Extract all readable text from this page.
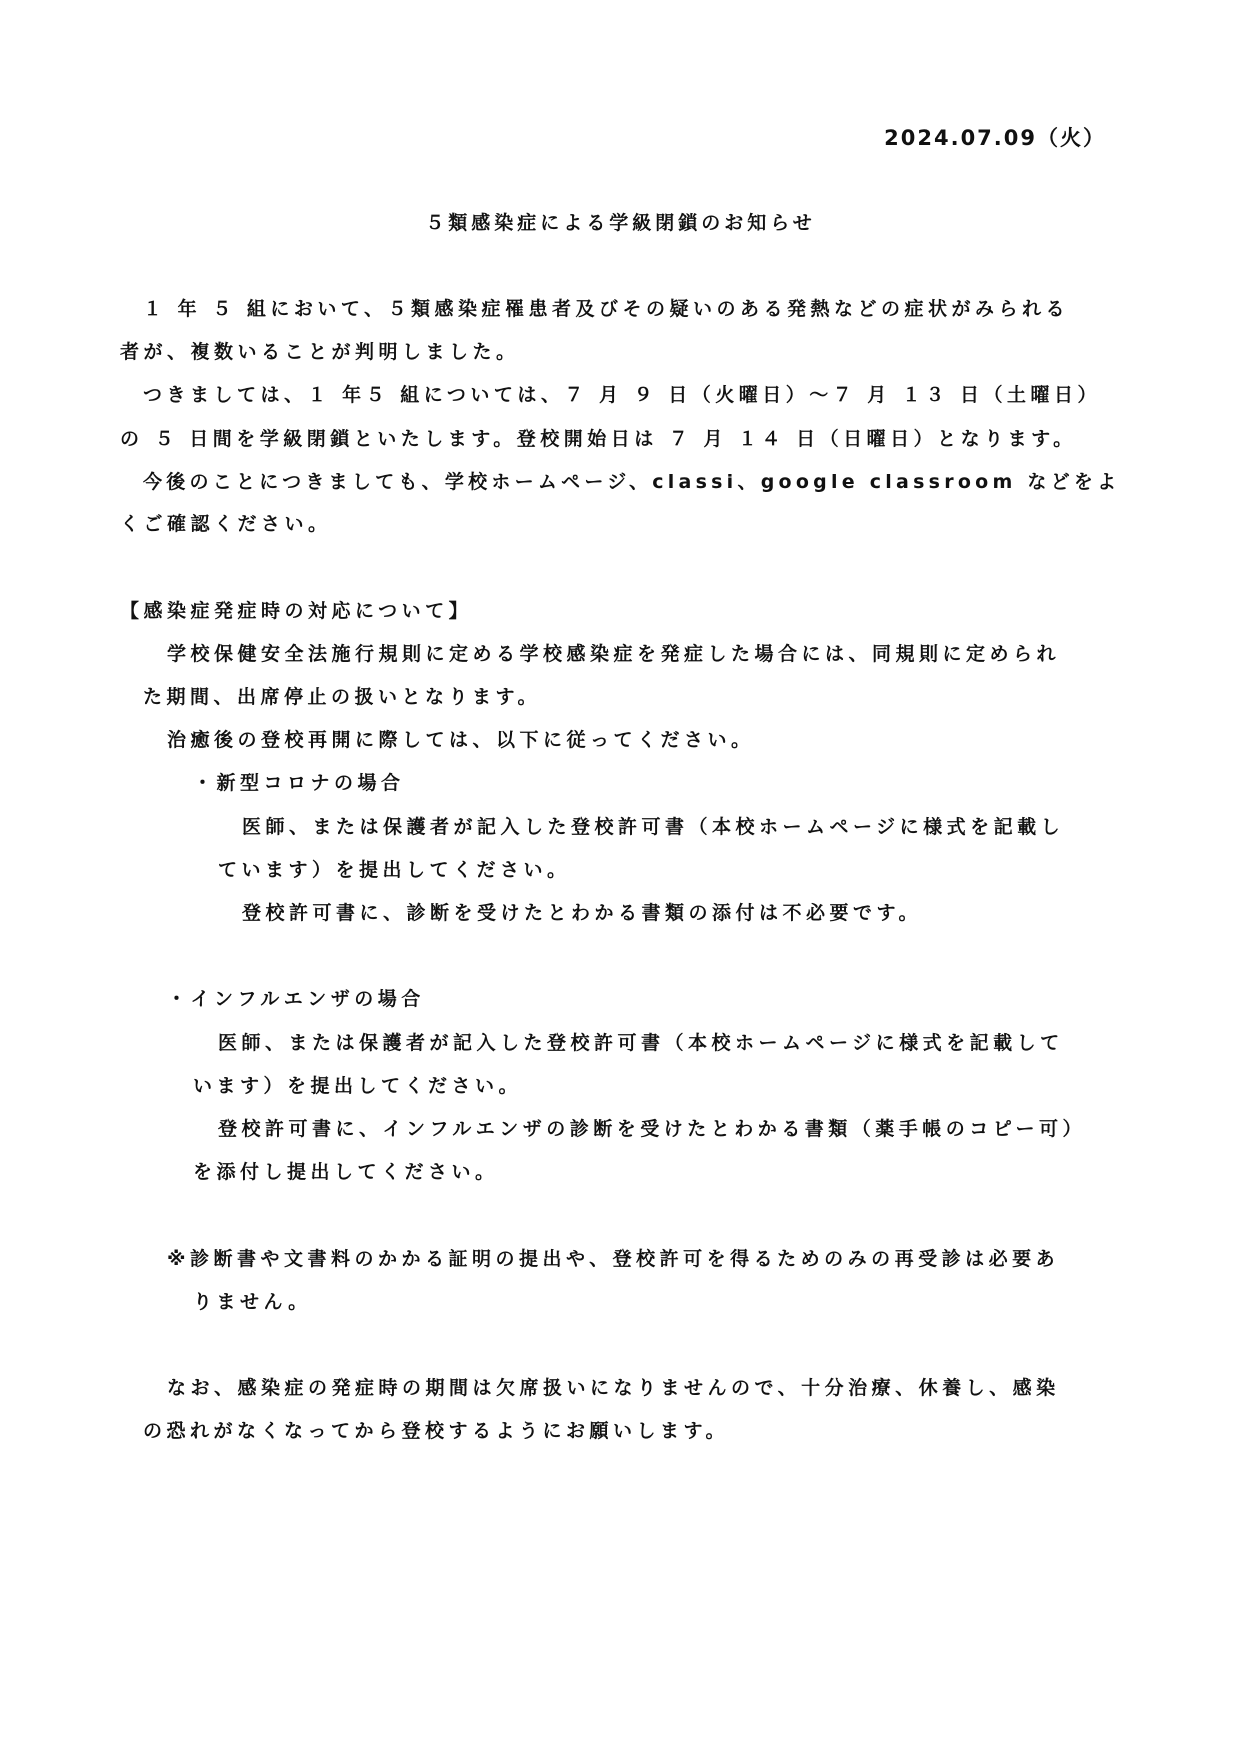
2024.07.09（火）
５類感染症による学級閉鎖のお知らせ
１ 年 ５ 組において、５類感染症罹患者及びその疑いのある発熱などの症状がみられる
者が、複数いることが判明しました。
つきましては、１ 年５ 組については、７ 月 ９ 日（火曜日）～７ 月 １３ 日（土曜日）
の ５ 日間を学級閉鎖といたします。登校開始日は ７ 月 １４ 日（日曜日）となります。
今後のことにつきましても、学校ホームページ、classi、google classroom などをよ
くご確認ください。
【感染症発症時の対応について】
学校保健安全法施行規則に定める学校感染症を発症した場合には、同規則に定められ
た期間、出席停止の扱いとなります。
治癒後の登校再開に際しては、以下に従ってください。
・新型コロナの場合
医師、または保護者が記入した登校許可書（本校ホームページに様式を記載し
ています）を提出してください。
登校許可書に、診断を受けたとわかる書類の添付は不必要です。
・インフルエンザの場合
医師、または保護者が記入した登校許可書（本校ホームページに様式を記載して
います）を提出してください。
登校許可書に、インフルエンザの診断を受けたとわかる書類（薬手帳のコピー可）
を添付し提出してください。
※診断書や文書料のかかる証明の提出や、登校許可を得るためのみの再受診は必要あ
りません。
なお、感染症の発症時の期間は欠席扱いになりませんので、十分治療、休養し、感染
の恐れがなくなってから登校するようにお願いします。
